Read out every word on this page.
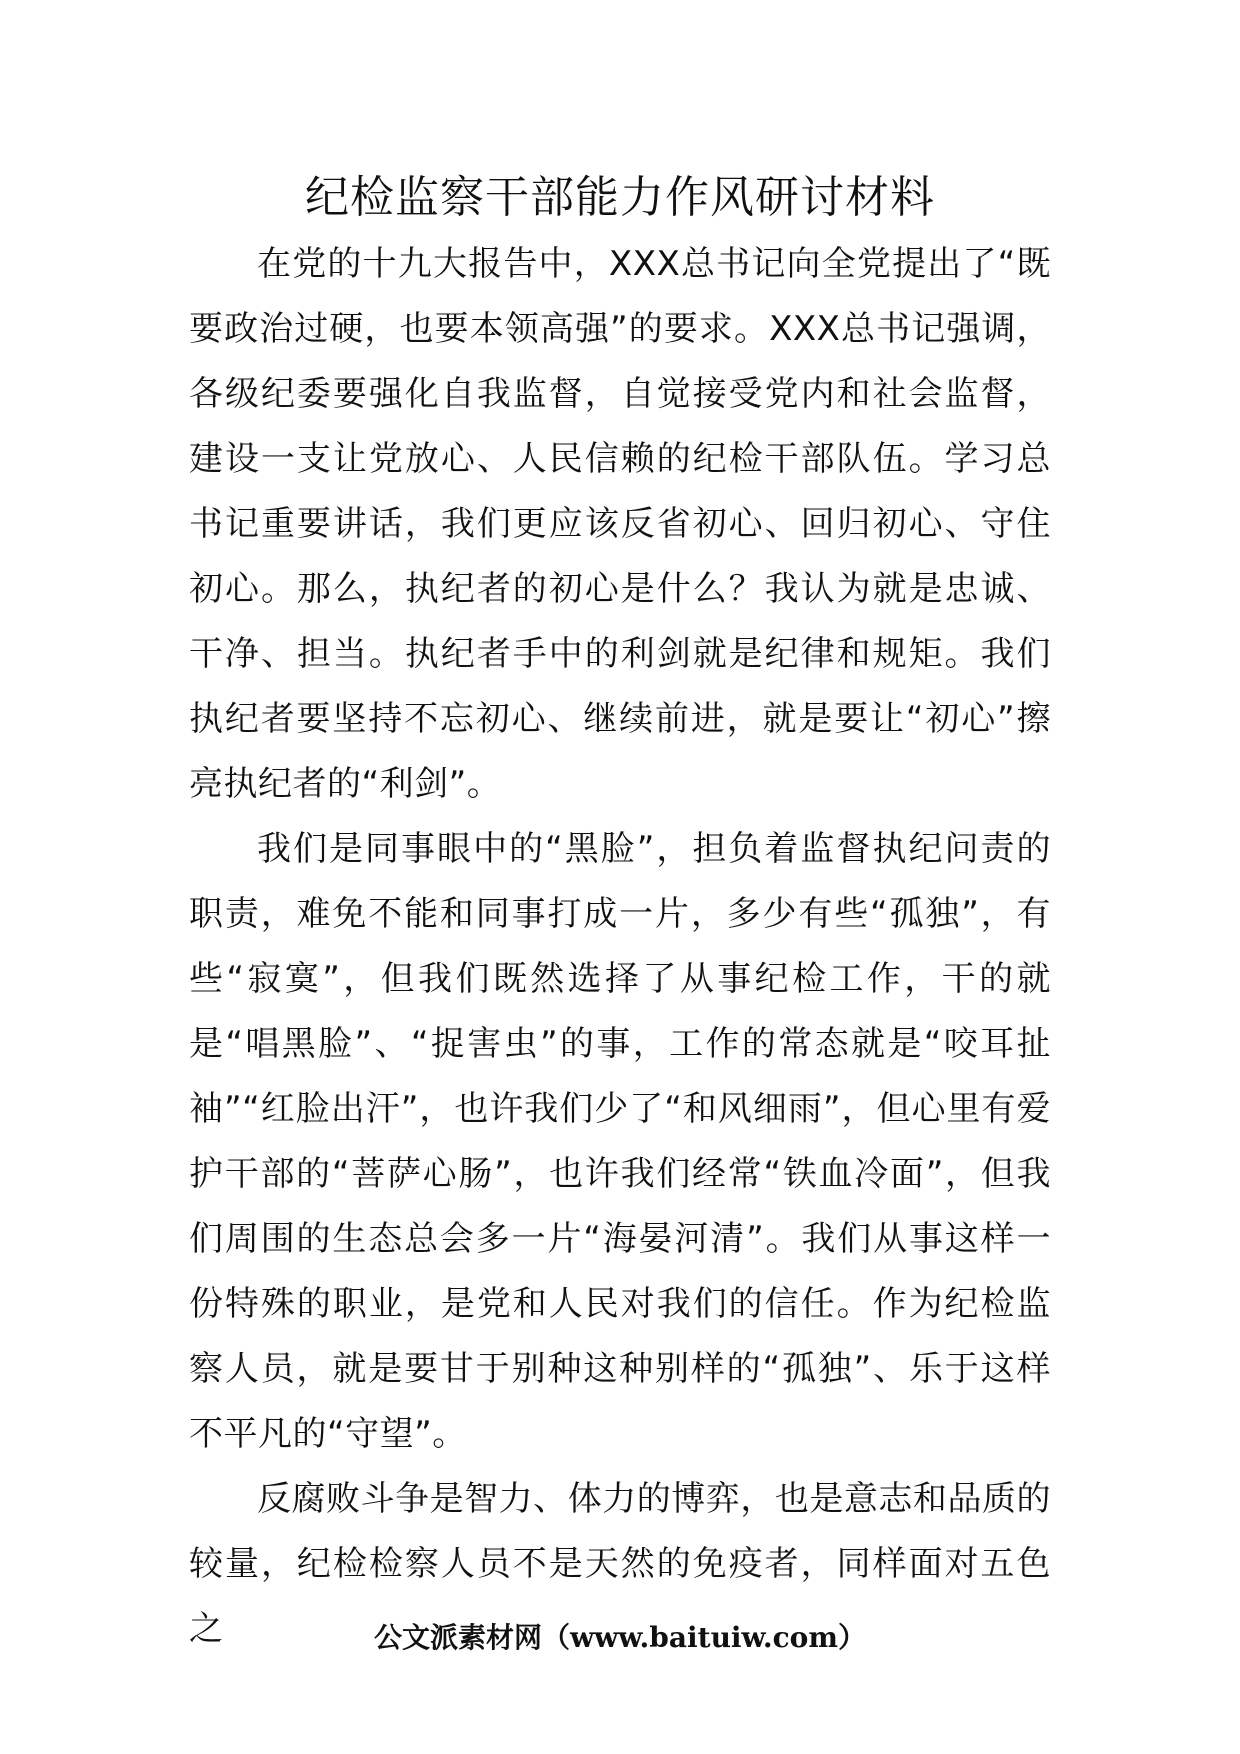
纪检监察干部能力作风研讨材料

在党的十九大报告中，XXX总书记向全党提出了“既要政治过硬，也要本领高强”的要求。XXX总书记强调，各级纪委要强化自我监督，自觉接受党内和社会监督，建设一支让党放心、人民信赖的纪检干部队伍。学习总书记重要讲话，我们更应该反省初心、回归初心、守住初心。那么，执纪者的初心是什么？我认为就是忠诚、干净、担当。执纪者手中的利剑就是纪律和规矩。我们执纪者要坚持不忘初心、继续前进，就是要让“初心”擦亮执纪者的“利剑”。

我们是同事眼中的“黑脸”，担负着监督执纪问责的职责，难免不能和同事打成一片，多少有些“孤独”，有些“寂寞”，但我们既然选择了从事纪检工作，干的就是“唱黑脸”、“捉害虫”的事，工作的常态就是“咬耳扯袖”“红脸出汗”，也许我们少了“和风细雨”，但心里有爱护干部的“菩萨心肠”，也许我们经常“铁血冷面”，但我们周围的生态总会多一片“海晏河清”。我们从事这样一份特殊的职业，是党和人民对我们的信任。作为纪检监察人员，就是要甘于别种这种别样的“孤独”、乐于这样不平凡的“守望”。

反腐败斗争是智力、体力的博弈，也是意志和品质的较量，纪检检察人员不是天然的免疫者，同样面对五色之	公文派素材网（www.baituiw.com）
